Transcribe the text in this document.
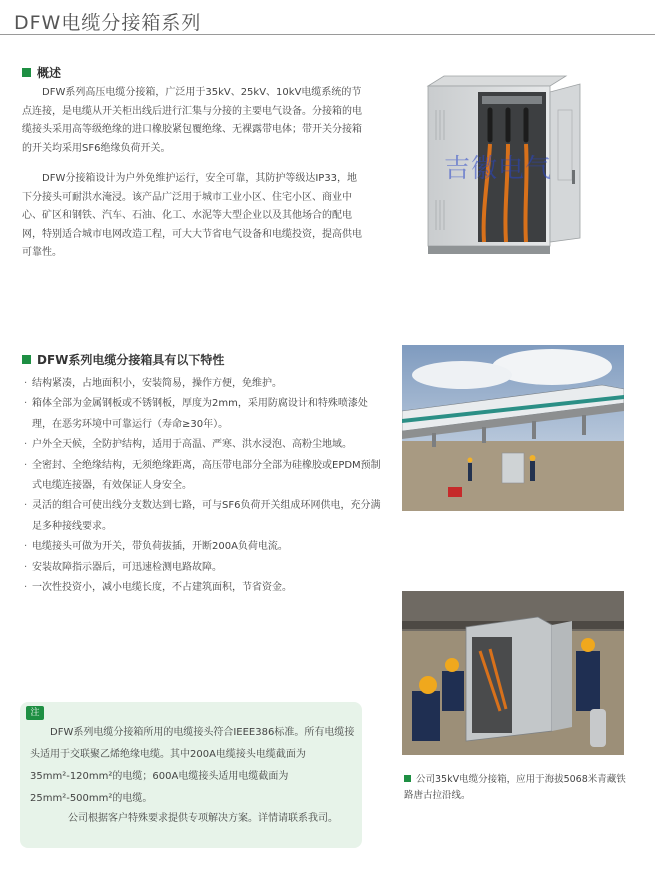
DFW电缆分接箱系列
概述

DFW系列高压电缆分接箱，广泛用于35kV、25kV、10kV电缆系统的节点连接，是电缆从开关柜出线后进行汇集与分接的主要电气设备。分接箱的电缆接头采用高等级绝缘的进口橡胶紧包覆绝缘、无裸露带电体；带开关分接箱的开关均采用SF6绝缘负荷开关。

DFW分接箱设计为户外免维护运行，安全可靠，其防护等级达IP33，地下分接头可耐洪水淹浸。该产品广泛用于城市工业小区、住宅小区、商业中心、矿区和钢铁、汽车、石油、化工、水泥等大型企业以及其他场合的配电网，特别适合城市电网改造工程，可大大节省电气设备和电缆投资，提高供电可靠性。

吉徽电气
DFW系列电缆分接箱具有以下特性
· 结构紧凑，占地面积小，安装简易，操作方便，免维护。
· 箱体全部为金属钢板或不锈钢板，厚度为2mm，采用防腐设计和特殊喷漆处理，在恶劣环境中可靠运行（寿命≥30年）。
· 户外全天候，全防护结构，适用于高温、严寒、洪水浸泡、高粉尘地域。
· 全密封、全绝缘结构，无须绝缘距离，高压带电部分全部为硅橡胶或EPDM预制式电缆连接器，有效保证人身安全。
· 灵活的组合可使出线分支数达到七路，可与SF6负荷开关组成环网供电，充分满足多种接线要求。
· 电缆接头可做为开关，带负荷拔插，开断200A负荷电流。
· 安装故障指示器后，可迅速检测电路故障。
· 一次性投资小，减小电缆长度，不占建筑面积，节省资金。
公司35kV电缆分接箱，应用于海拔5068米青藏铁路唐古拉沿线。
注

DFW系列电缆分接箱所用的电缆接头符合IEEE386标准。所有电缆接头适用于交联聚乙烯绝缘电缆。其中200A电缆接头电缆截面为35mm²-120mm²的电缆；600A电缆接头适用电缆截面为25mm²-500mm²的电缆。

公司根据客户特殊要求提供专项解决方案。详情请联系我司。
